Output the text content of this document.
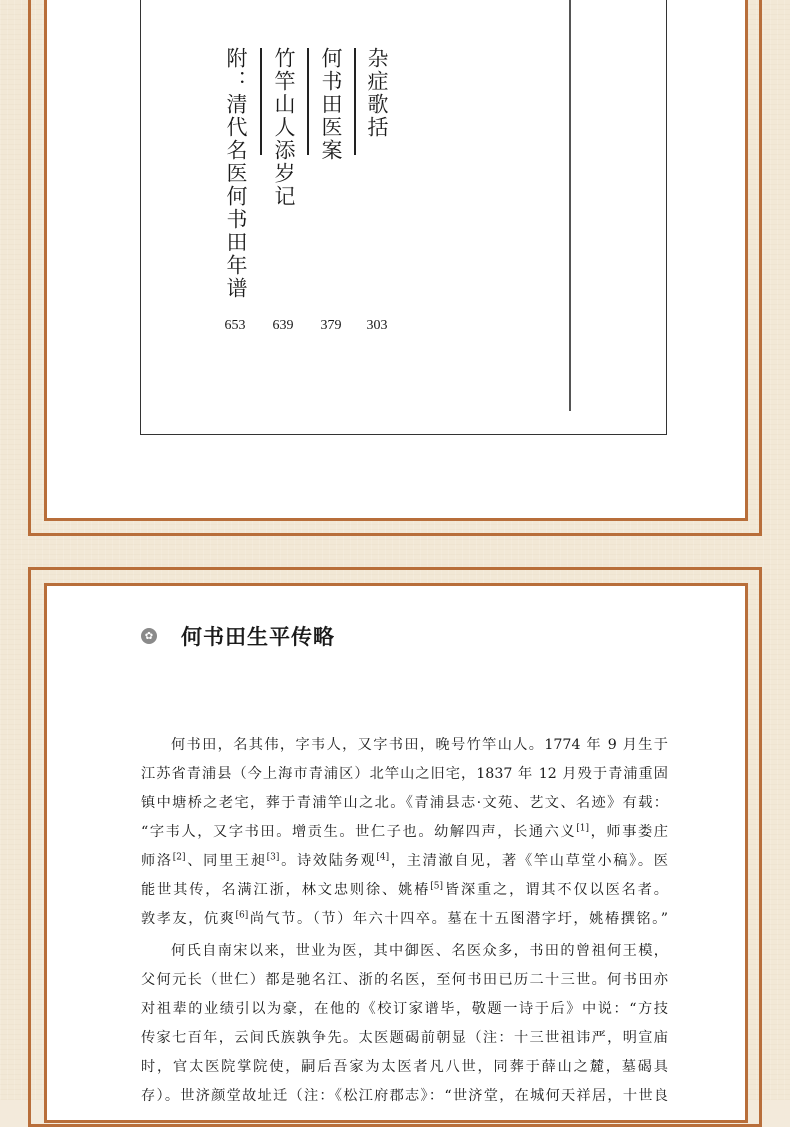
杂症歌括
何书田医案
竹竿山人添岁记
附：清代名医何书田年谱
303
379
639
653
✿ 何书田生平传略
何书田，名其伟，字韦人，又字书田，晚号竹竿山人。1774 年 9 月生于
江苏省青浦县（今上海市青浦区）北竿山之旧宅，1837 年 12 月殁于青浦重固
镇中塘桥之老宅，葬于青浦竿山之北。《青浦县志·文苑、艺文、名迹》有载：
“字韦人，又字书田。增贡生。世仁子也。幼解四声，长通六义[1]，师事娄庄
师洛[2]、同里王昶[3]。诗效陆务观[4]，主清澈自见，著《竿山草堂小稿》。医
能世其传，名满江浙，林文忠则徐、姚椿[5]皆深重之，谓其不仅以医名者。
敦孝友，伉爽[6]尚气节。（节）年六十四卒。墓在十五图潜字圩，姚椿撰铭。”
何氏自南宋以来，世业为医，其中御医、名医众多，书田的曾祖何王模，
父何元长（世仁）都是驰名江、浙的名医，至何书田已历二十三世。何书田亦
对祖辈的业绩引以为豪，在他的《校订家谱毕，敬题一诗于后》中说：“方技
传家七百年，云间氏族孰争先。太医题碣前朝显（注：十三世祖讳严，明宣庙
时，官太医院掌院使，嗣后吾家为太医者凡八世，同葬于薛山之麓，墓碣具
存）。世济颜堂故址迁（注：《松江府郡志》：“世济堂，在城何天祥居，十世良
